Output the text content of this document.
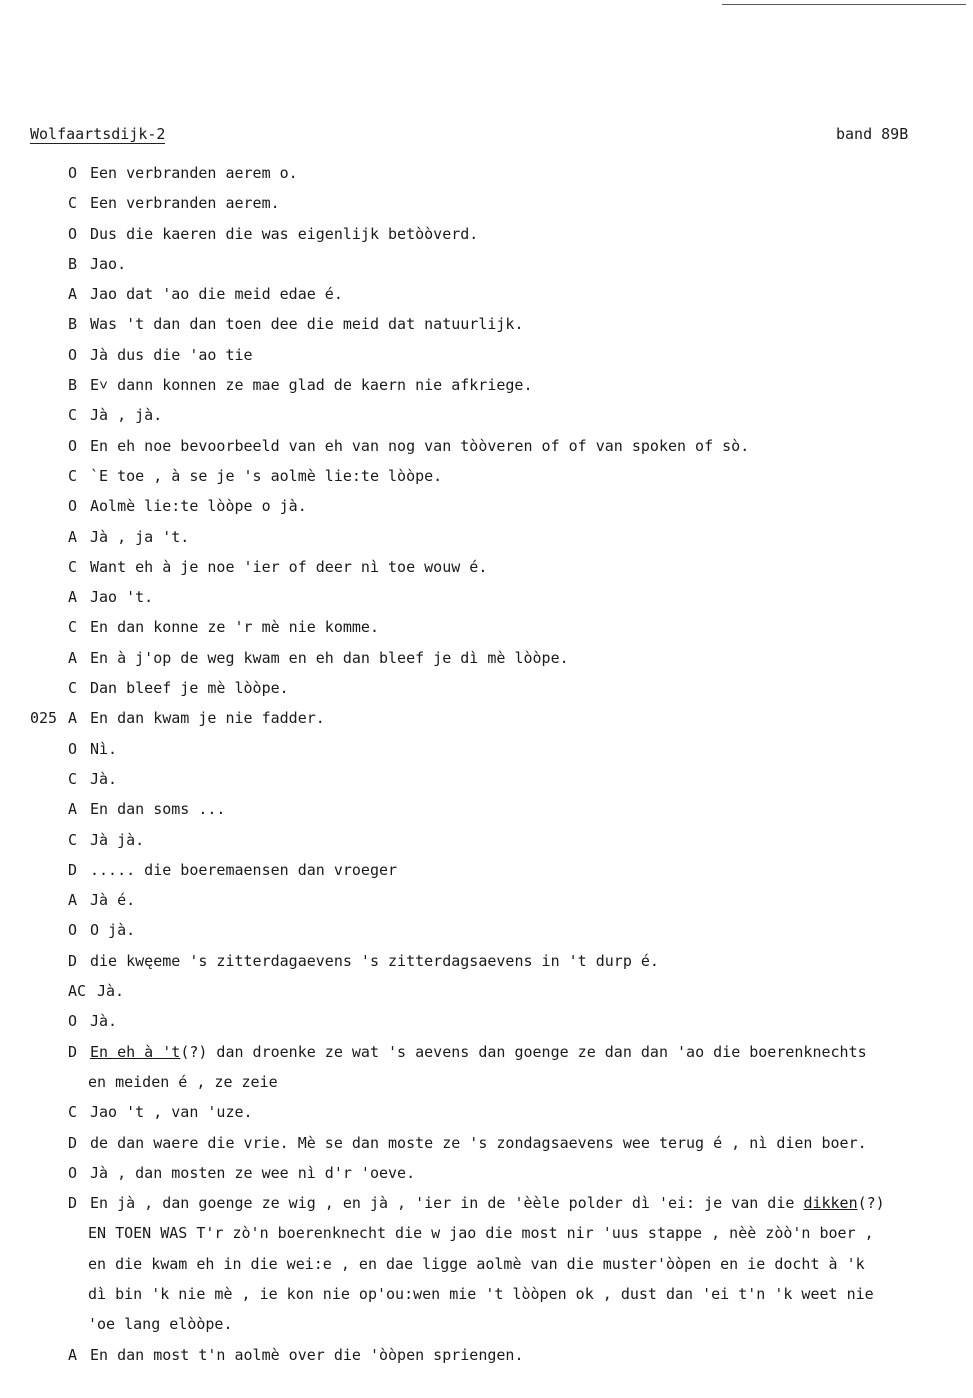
Wolfaartsdijk-2	band 89B
O Een verbranden aerem o.
C Een verbranden aerem.
O Dus die kaeren die was eigenlijk betòòverd.
B Jao.
A Jao dat 'ao die meid edae é.
B Was 't dan dan toen dee die meid dat natuurlijk.
O Jà dus die 'ao tie
B E˅ dann konnen ze mae glad de kaern nie afkriege.
C Jà , jà.
O En eh noe bevoorbeeld van eh van nog van tòòveren of of van spoken of sò.
C `E toe , à se je 's aolmè lie:te lòòpe.
O Aolmè lie:te lòòpe o jà.
A Jà , ja 't.
C Want eh à je noe 'ier of deer nì toe wouw é.
A Jao 't.
C En dan konne ze 'r mè nie komme.
A En à j'op de weg kwam en eh dan bleef je dì mè lòòpe.
C Dan bleef je mè lòòpe.
025 A En dan kwam je nie fadder.
O Nì.
C Jà.
A En dan soms ...
C Jà jà.
D ..... die boeremaensen dan vroeger
A Jà é.
O O jà.
D die kwęeme 's zitterdagaevens 's zitterdagsaevens in 't durp é.
AC Jà.
O Jà.
D En eh à 't(?) dan droenke ze wat 's aevens dan goenge ze dan dan 'ao die boerenknechts
en meiden é , ze zeie
C Jao 't , van 'uze.
D de dan waere die vrie. Mè se dan moste ze 's zondagsaevens wee terug é , nì dien boer.
O Jà , dan mosten ze wee nì d'r 'oeve.
D En jà , dan goenge ze wig , en jà , 'ier in de 'èèle polder dì 'ei: je van die dikken(?)
EN TOEN WAS T'r zò'n boerenknecht die w jao die most nir 'uus stappe , nèè zòò'n boer ,
en die kwam eh in die wei:e , en dae ligge aolmè van die muster'òòpen en ie docht à 'k
dì bin 'k nie mè , ie kon nie op'ou:wen mie 't lòòpen ok , dust dan 'ei t'n 'k weet nie
'oe lang elòòpe.
A En dan most t'n aolmè over die 'òòpen spriengen.
